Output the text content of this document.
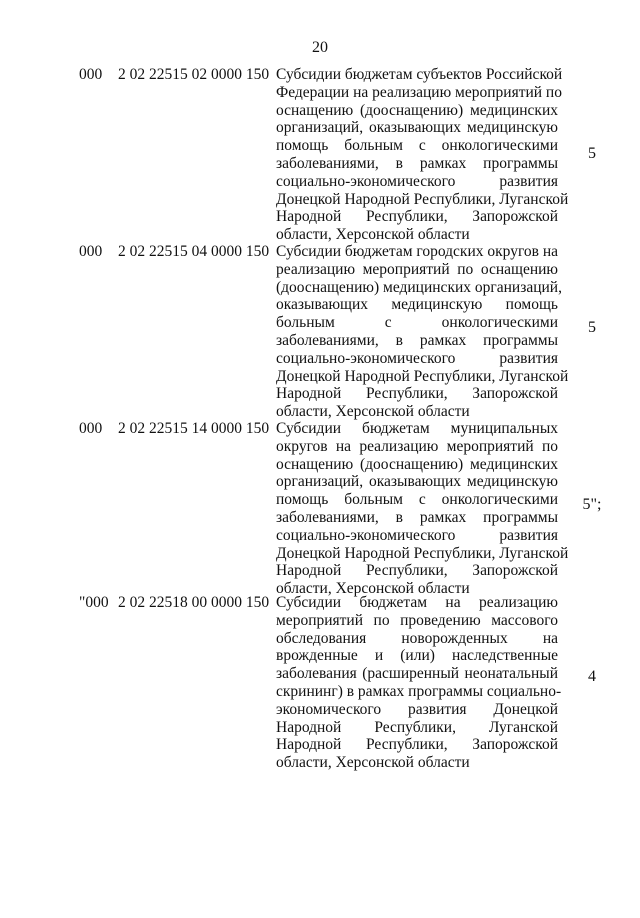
20
000 2 02 22515 02 0000 150 Субсидии бюджетам субъектов Российской
Федерации на реализацию мероприятий по
оснащению (дооснащению) медицинских
организаций, оказывающих медицинскую
помощь больным с онкологическими
заболеваниями, в рамках программы
социально-экономического развития
Донецкой Народной Республики, Луганской
Народной Республики, Запорожской
области, Херсонской области
5
000 2 02 22515 04 0000 150 Субсидии бюджетам городских округов на
реализацию мероприятий по оснащению
(дооснащению) медицинских организаций,
оказывающих медицинскую помощь
больным с онкологическими
заболеваниями, в рамках программы
социально-экономического развития
Донецкой Народной Республики, Луганской
Народной Республики, Запорожской
области, Херсонской области
5
000 2 02 22515 14 0000 150 Субсидии бюджетам муниципальных
округов на реализацию мероприятий по
оснащению (дооснащению) медицинских
организаций, оказывающих медицинскую
помощь больным с онкологическими
заболеваниями, в рамках программы
социально-экономического развития
Донецкой Народной Республики, Луганской
Народной Республики, Запорожской
области, Херсонской области
5";
"000 2 02 22518 00 0000 150 Субсидии бюджетам на реализацию
мероприятий по проведению массового
обследования новорожденных на
врожденные и (или) наследственные
заболевания (расширенный неонатальный
скрининг) в рамках программы социально-
экономического развития Донецкой
Народной Республики, Луганской
Народной Республики, Запорожской
области, Херсонской области
4
